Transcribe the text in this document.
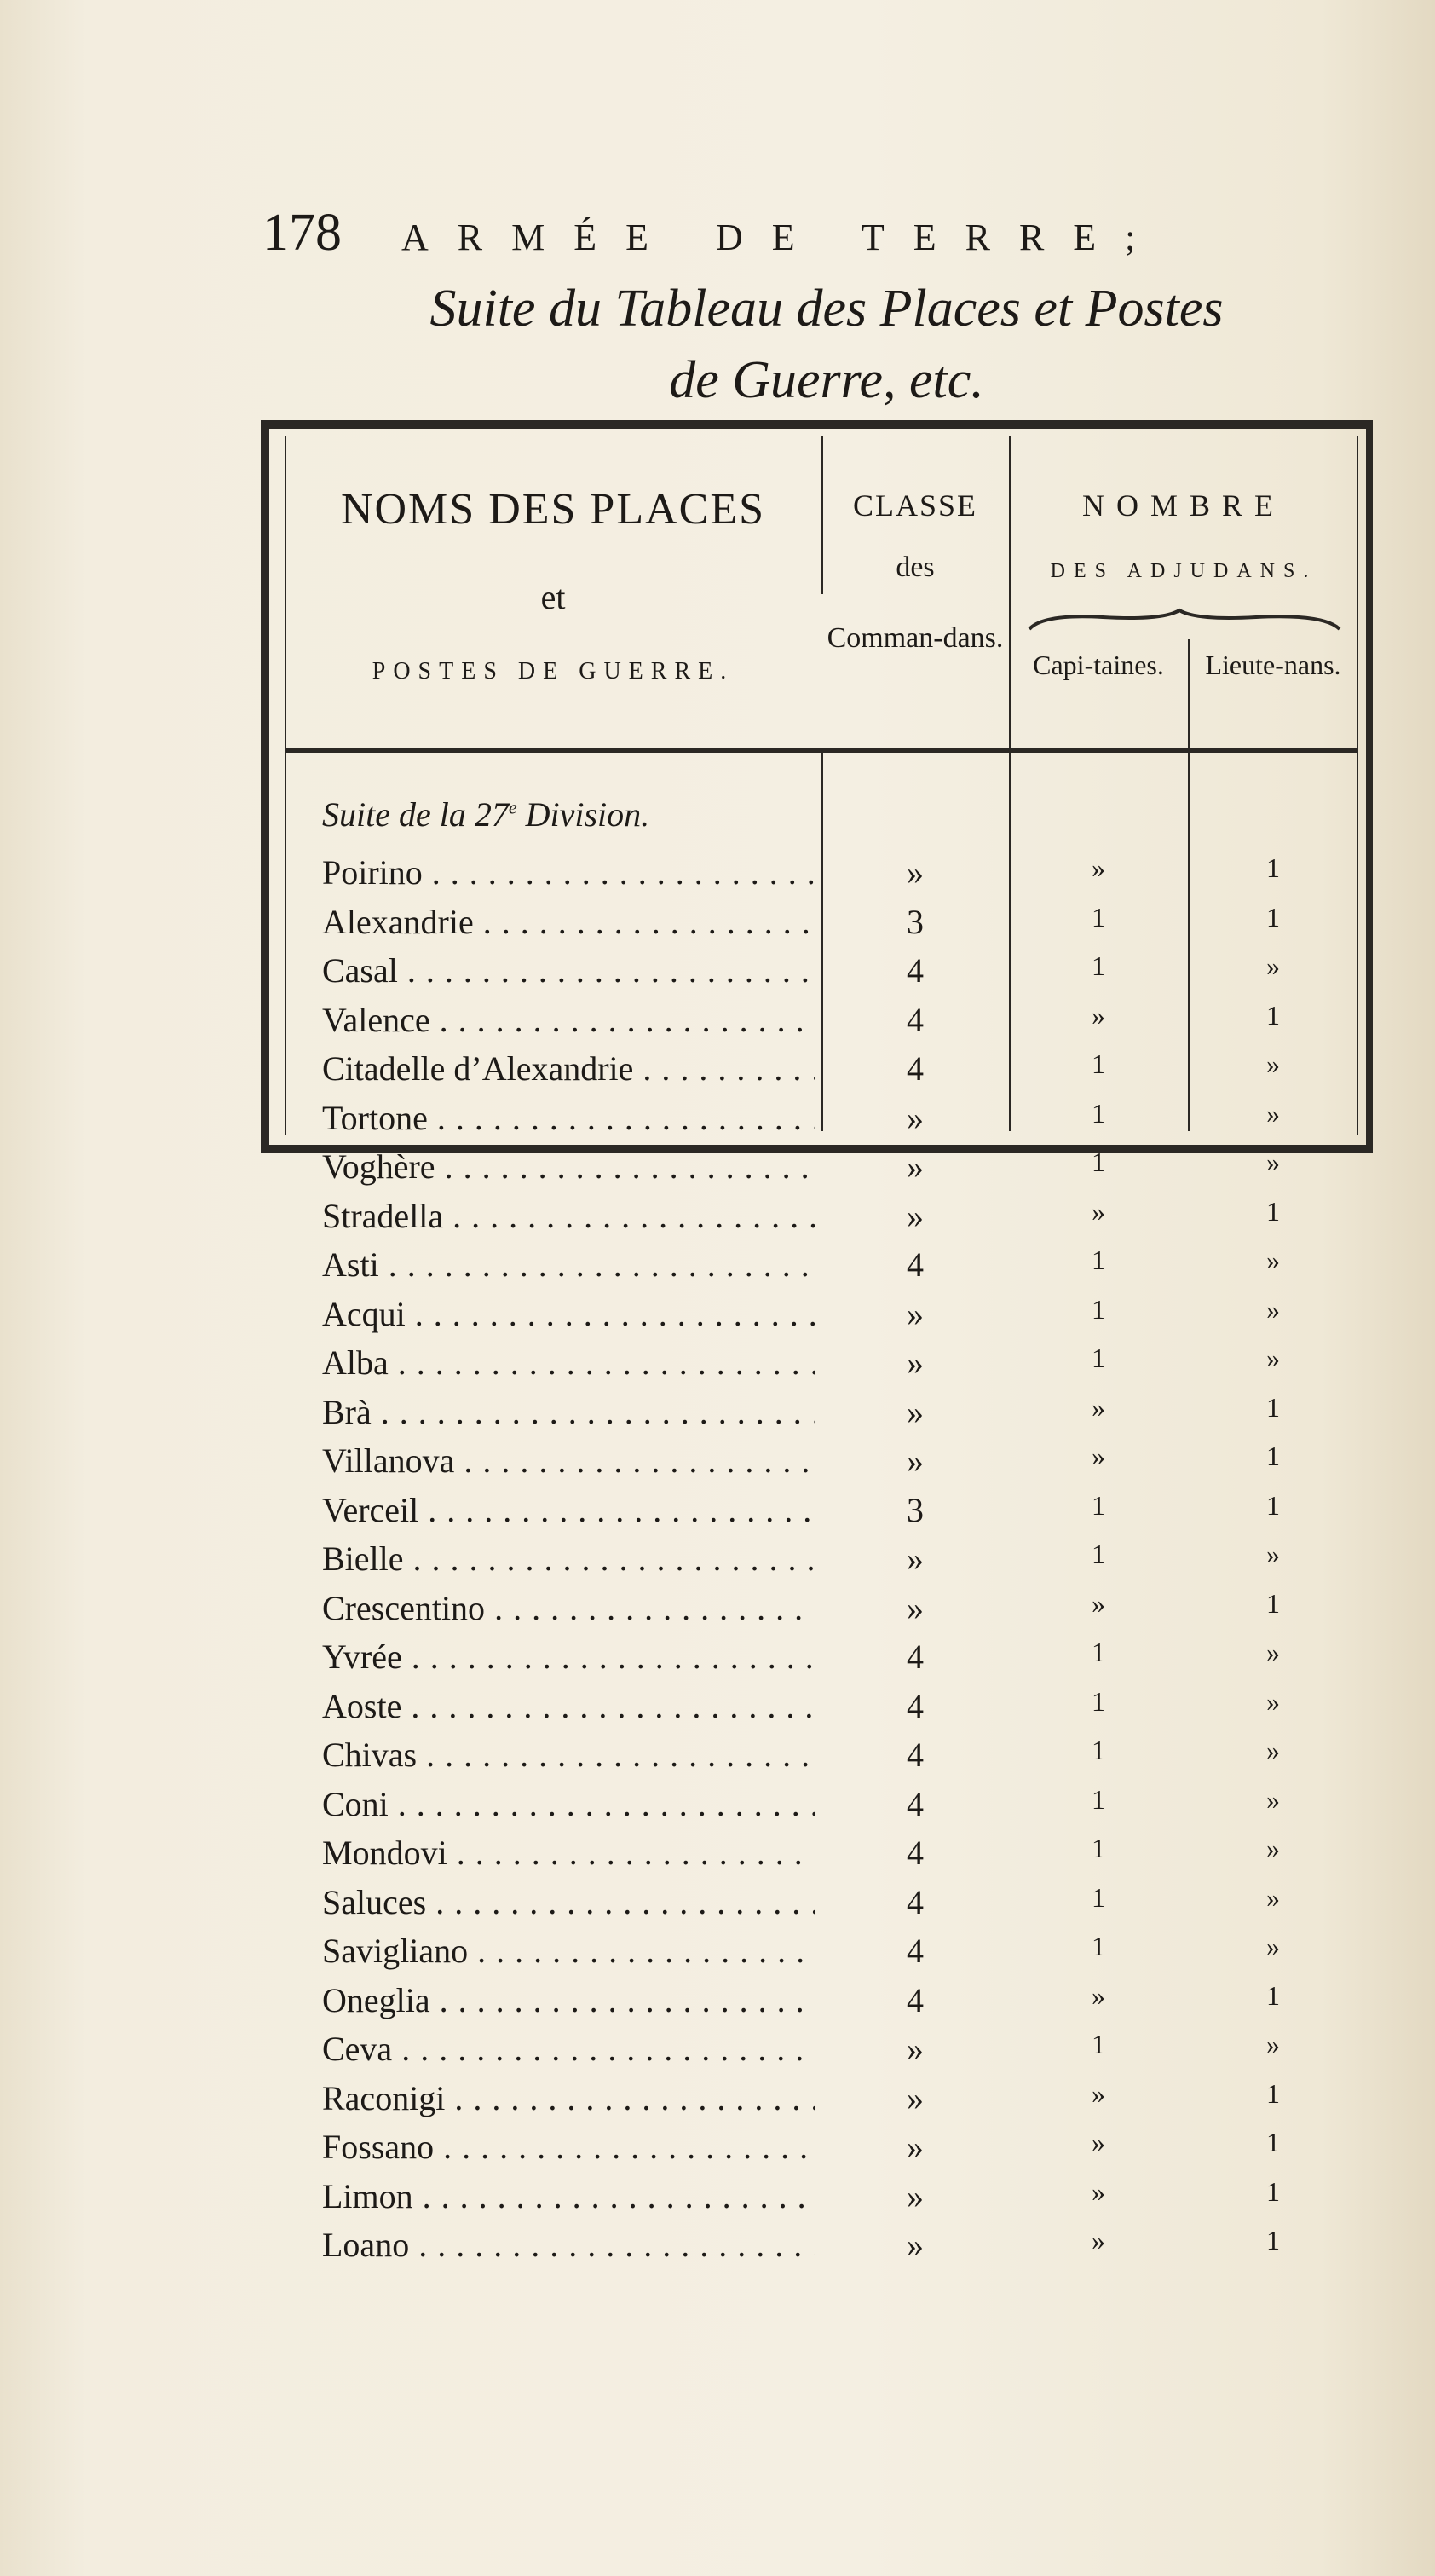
178 ARMÉE DE TERRE;
Suite du Tableau des Places et Postes
de Guerre, etc.
NOMS DES PLACES
et
POSTES DE GUERRE.
CLASSE
des
Comman-dans.
NOMBRE
DES ADJUDANS.
Capi-taines.	Lieute-nans.
Suite de la 27e Division.
Poirino . . .	»	»	1
Alexandrie . . .	3	1	1
Casal . . .	4	1	»
Valence . . .	4	»	1
Citadelle d’Alexandrie . . .	4	1	»
Tortone . . .	»	1	»
Voghère . . .	»	1	»
Stradella . . .	»	»	1
Asti . . .	4	1	»
Acqui . . .	»	1	»
Alba . . .	»	1	»
Brà . . .	»	»	1
Villanova . . .	»	»	1
Verceil . . .	3	1	1
Bielle . . .	»	1	»
Crescentino . . .	»	»	1
Yvrée . . .	4	1	»
Aoste . . .	4	1	»
Chivas . . .	4	1	»
Coni . . .	4	1	»
Mondovi . . .	4	1	»
Saluces . . .	4	1	»
Savigliano . . .	4	1	»
Oneglia . . .	4	»	1
Ceva . . .	»	1	»
Raconigi . . .	»	»	1
Fossano . . .	»	»	1
Limon . . .	»	»	1
Loano . . .	»	»	1
